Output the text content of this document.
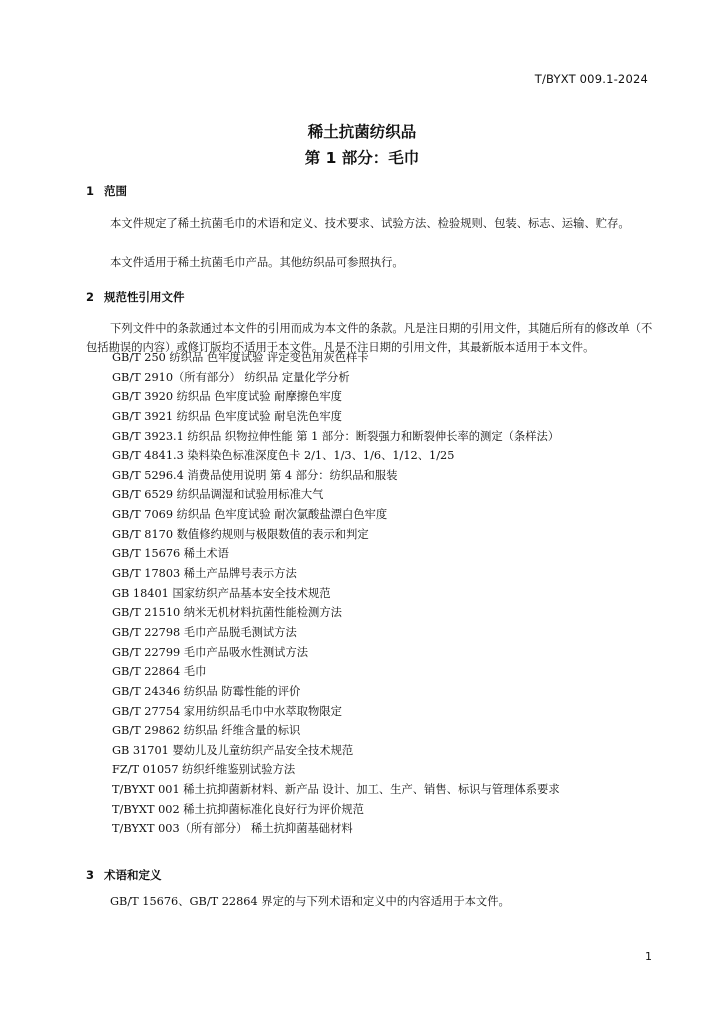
T/BYXT 009.1-2024
稀土抗菌纺织品
第 1 部分：毛巾
1 范围
本文件规定了稀土抗菌毛巾的术语和定义、技术要求、试验方法、检验规则、包装、标志、运输、贮存。
本文件适用于稀土抗菌毛巾产品。其他纺织品可参照执行。
2 规范性引用文件
下列文件中的条款通过本文件的引用而成为本文件的条款。凡是注日期的引用文件，其随后所有的修改单（不包括勘误的内容）或修订版均不适用于本文件。凡是不注日期的引用文件，其最新版本适用于本文件。
GB/T 250 纺织品 色牢度试验 评定变色用灰色样卡
GB/T 2910（所有部分） 纺织品 定量化学分析
GB/T 3920 纺织品 色牢度试验 耐摩擦色牢度
GB/T 3921 纺织品 色牢度试验 耐皂洗色牢度
GB/T 3923.1 纺织品 织物拉伸性能 第 1 部分：断裂强力和断裂伸长率的测定（条样法）
GB/T 4841.3 染料染色标准深度色卡 2/1、1/3、1/6、1/12、1/25
GB/T 5296.4 消费品使用说明 第 4 部分：纺织品和服装
GB/T 6529 纺织品调湿和试验用标准大气
GB/T 7069 纺织品 色牢度试验 耐次氯酸盐漂白色牢度
GB/T 8170 数值修约规则与极限数值的表示和判定
GB/T 15676 稀土术语
GB/T 17803 稀土产品牌号表示方法
GB 18401 国家纺织产品基本安全技术规范
GB/T 21510 纳米无机材料抗菌性能检测方法
GB/T 22798 毛巾产品脱毛测试方法
GB/T 22799 毛巾产品吸水性测试方法
GB/T 22864 毛巾
GB/T 24346 纺织品 防霉性能的评价
GB/T 27754 家用纺织品毛巾中水萃取物限定
GB/T 29862 纺织品 纤维含量的标识
GB 31701 婴幼儿及儿童纺织产品安全技术规范
FZ/T 01057 纺织纤维鉴别试验方法
T/BYXT 001 稀土抗抑菌新材料、新产品 设计、加工、生产、销售、标识与管理体系要求
T/BYXT 002 稀土抗抑菌标准化良好行为评价规范
T/BYXT 003（所有部分） 稀土抗抑菌基础材料
3 术语和定义
GB/T 15676、GB/T 22864 界定的与下列术语和定义中的内容适用于本文件。
1
